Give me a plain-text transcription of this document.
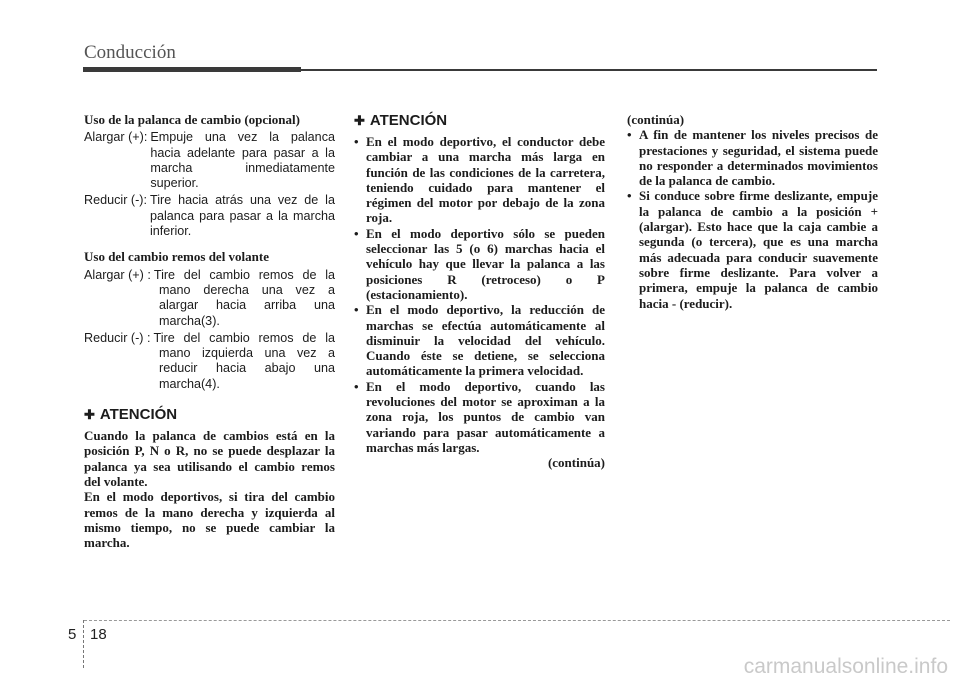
Conducción
Uso de la palanca de cambio (opcional)
Alargar (+): Empuje una vez la palanca hacia adelante para pasar a la marcha inmediatamente superior.
Reducir (-): Tire hacia atrás una vez de la palanca para pasar a la marcha inferior.
Uso del cambio remos del volante
Alargar (+) : Tire del cambio remos de la
mano derecha una vez a alargar hacia arriba una marcha(3).
Reducir (-) : Tire del cambio remos de la
mano izquierda una vez a reducir hacia abajo una marcha(4).
✚ ATENCIÓN
Cuando la palanca de cambios está en la posición P, N o R, no se puede desplazar la palanca ya sea utilisando el cambio remos del volante.
En el modo deportivos, si tira del cambio remos de la mano derecha y izquierda al mismo tiempo, no se puede cambiar la marcha.
✚ ATENCIÓN
• En el modo deportivo, el conductor debe cambiar a una marcha más larga en función de las condiciones de la carretera, teniendo cuidado para mantener el régimen del motor por debajo de la zona roja.
• En el modo deportivo sólo se pueden seleccionar las 5 (o 6) marchas hacia el vehículo hay que llevar la palanca a las posiciones R (retroceso) o P (estacionamiento).
• En el modo deportivo, la reducción de marchas se efectúa automáticamente al disminuir la velocidad del vehículo. Cuando éste se detiene, se selecciona automáticamente la primera velocidad.
• En el modo deportivo, cuando las revoluciones del motor se aproximan a la zona roja, los puntos de cambio van variando para pasar automáticamente a marchas más largas.
(continúa)
(continúa)
• A fin de mantener los niveles precisos de prestaciones y seguridad, el sistema puede no responder a determinados movimientos de la palanca de cambio.
• Si conduce sobre firme deslizante, empuje la palanca de cambio a la posición + (alargar). Esto hace que la caja cambie a segunda (o tercera), que es una marcha más adecuada para conducir suavemente sobre firme deslizante. Para volver a primera, empuje la palanca de cambio hacia - (reducir).
5 18
carmanualsonline.info
